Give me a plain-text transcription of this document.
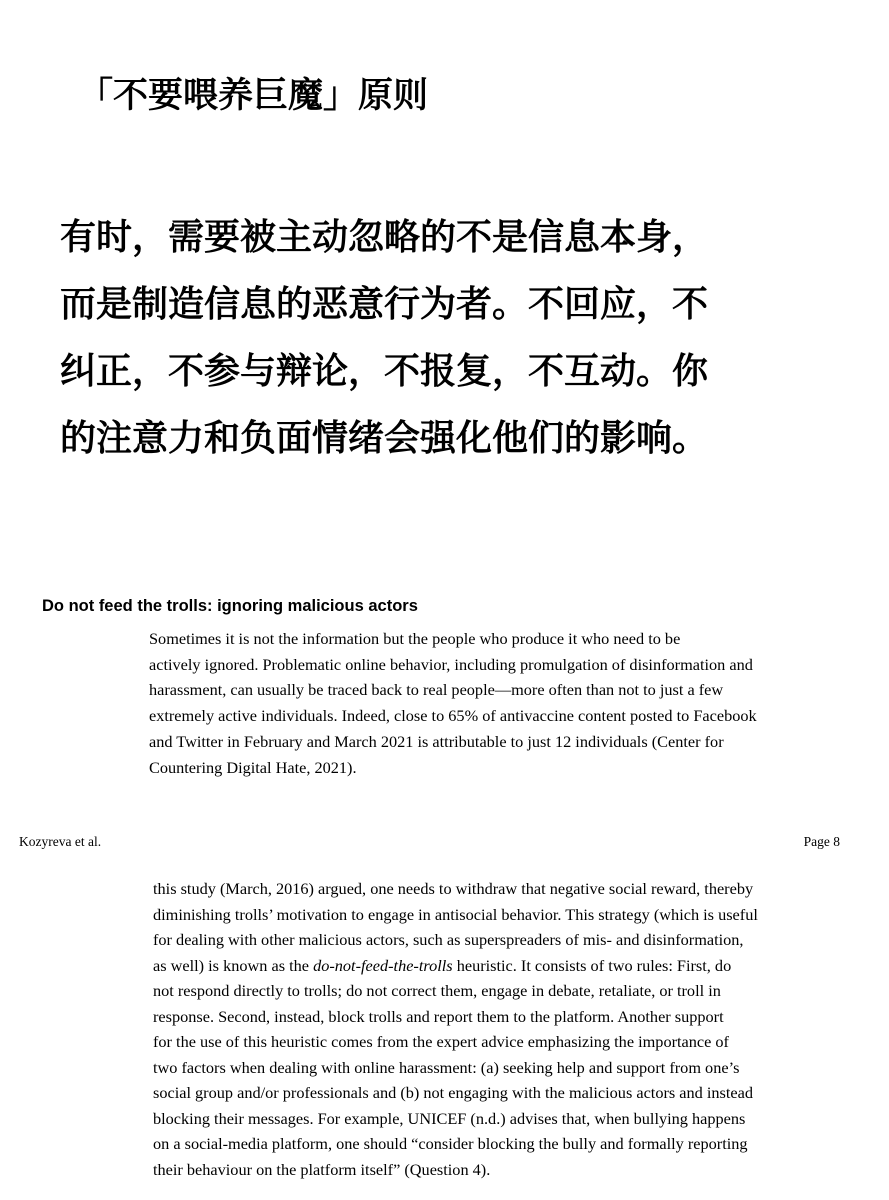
「不要喂养巨魔」原则

有时，需要被主动忽略的不是信息本身，
而是制造信息的恶意行为者。不回应，不
纠正，不参与辩论，不报复，不互动。你
的注意力和负面情绪会强化他们的影响。

Do not feed the trolls: ignoring malicious actors

Sometimes it is not the information but the people who produce it who need to be
actively ignored. Problematic online behavior, including promulgation of disinformation and
harassment, can usually be traced back to real people—more often than not to just a few
extremely active individuals. Indeed, close to 65% of antivaccine content posted to Facebook
and Twitter in February and March 2021 is attributable to just 12 individuals (Center for
Countering Digital Hate, 2021).

Kozyreva et al.	Page 8

this study (March, 2016) argued, one needs to withdraw that negative social reward, thereby
diminishing trolls’ motivation to engage in antisocial behavior. This strategy (which is useful
for dealing with other malicious actors, such as superspreaders of mis- and disinformation,
as well) is known as the do-not-feed-the-trolls heuristic. It consists of two rules: First, do
not respond directly to trolls; do not correct them, engage in debate, retaliate, or troll in
response. Second, instead, block trolls and report them to the platform. Another support
for the use of this heuristic comes from the expert advice emphasizing the importance of
two factors when dealing with online harassment: (a) seeking help and support from one’s
social group and/or professionals and (b) not engaging with the malicious actors and instead
blocking their messages. For example, UNICEF (n.d.) advises that, when bullying happens
on a social-media platform, one should “consider blocking the bully and formally reporting
their behaviour on the platform itself” (Question 4).
